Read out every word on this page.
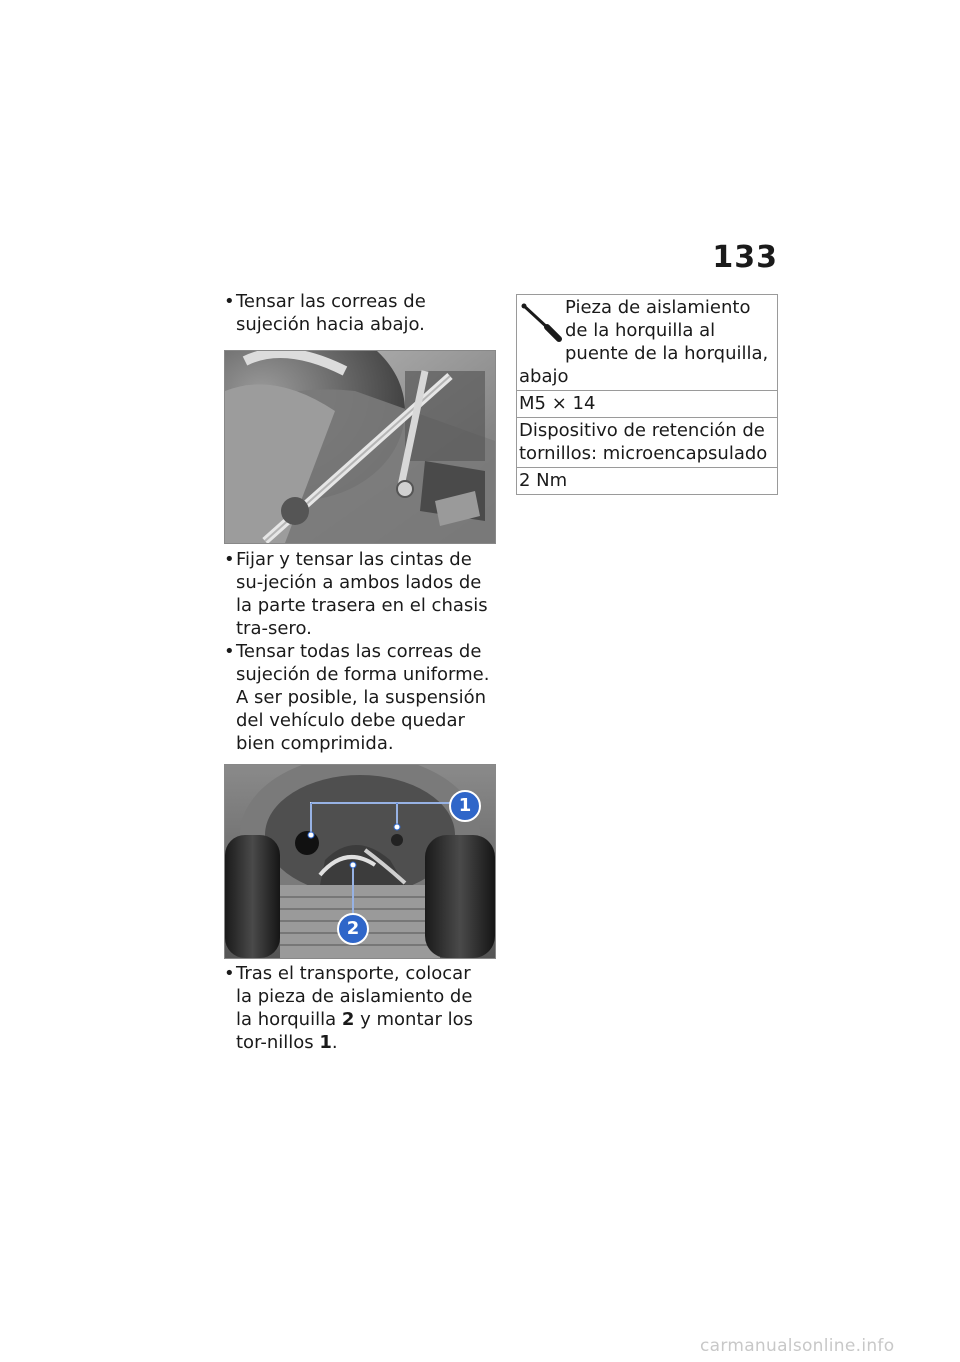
133
• Tensar las correas de sujeción hacia abajo.
• Fijar y tensar las cintas de su-jeción a ambos lados de la parte trasera en el chasis tra-sero.
• Tensar todas las correas de sujeción de forma uniforme. A ser posible, la suspensión del vehículo debe quedar bien comprimida.
1
2
• Tras el transporte, colocar la pieza de aislamiento de la horquilla 2 y montar los tor-nillos 1.
Pieza de aislamiento de la horquilla al puente de la horquilla, abajo

M5 × 14
Dispositivo de retención de tornillos: microencapsulado
2 Nm
carmanualsonline.info
